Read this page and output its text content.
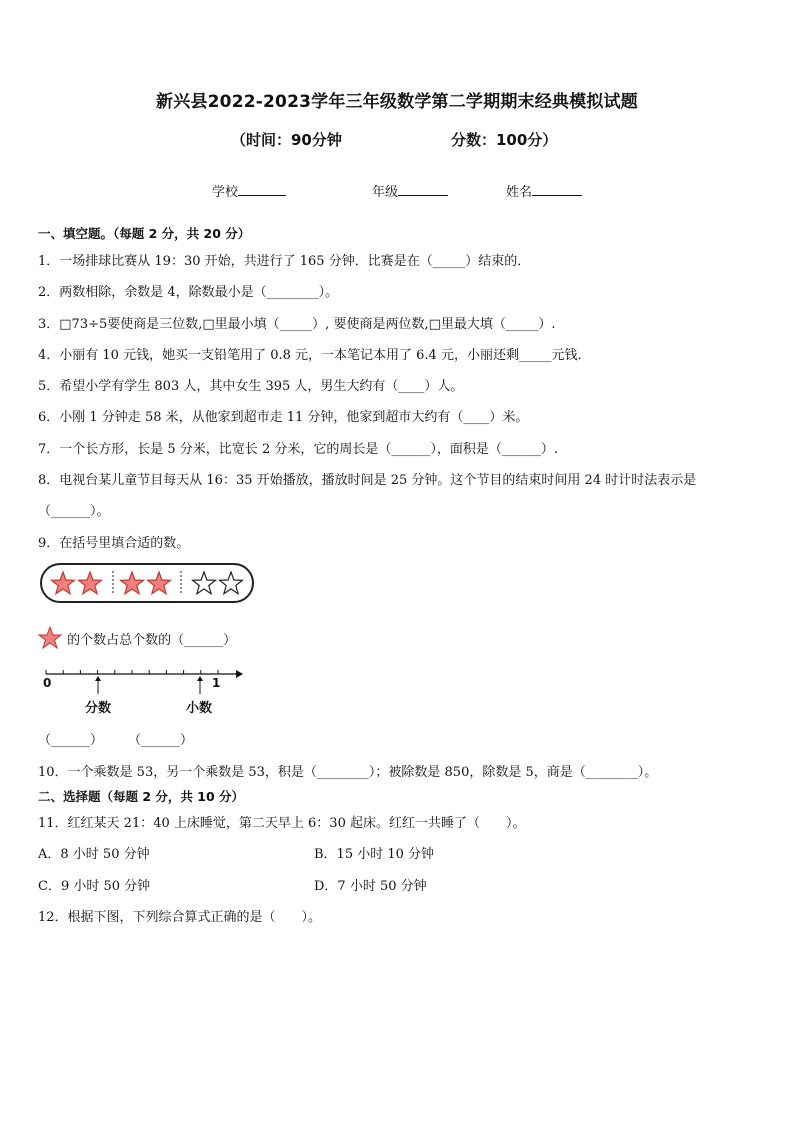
新兴县2022-2023学年三年级数学第二学期期末经典模拟试题
（时间：90分钟	分数：100分）
学校	年级	姓名
一、填空题。（每题 2 分，共 20 分）
1．一场排球比赛从 19：30 开始，共进行了 165 分钟．比赛是在（_____）结束的．
2．两数相除，余数是 4，除数最小是（________）。
3．□73÷5要使商是三位数,□里最小填（_____）, 要使商是两位数,□里最大填（_____）.
4．小丽有 10 元钱，她买一支铅笔用了 0.8 元，一本笔记本用了 6.4 元，小丽还剩_____元钱．
5．希望小学有学生 803 人，其中女生 395 人，男生大约有（____）人。
6．小刚 1 分钟走 58 米，从他家到超市走 11 分钟，他家到超市大约有（____）米。
7．一个长方形，长是 5 分米，比宽长 2 分米，它的周长是（______），面积是（______）.
8．电视台某儿童节目每天从 16：35 开始播放，播放时间是 25 分钟。这个节目的结束时间用 24 时计时法表示是
（______）。
9．在括号里填合适的数。
的个数占总个数的（______）
0	1
分数	小数
（______） （______）
10．一个乘数是 53，另一个乘数是 53，积是（________）；被除数是 850，除数是 5，商是（________）。
二、选择题（每题 2 分，共 10 分）
11．红红某天 21：40 上床睡觉，第二天早上 6：30 起床。红红一共睡了（　　）。
A．8 小时 50 分钟	B．15 小时 10 分钟
C．9 小时 50 分钟	D．7 小时 50 分钟
12．根据下图，下列综合算式正确的是（　　）。
